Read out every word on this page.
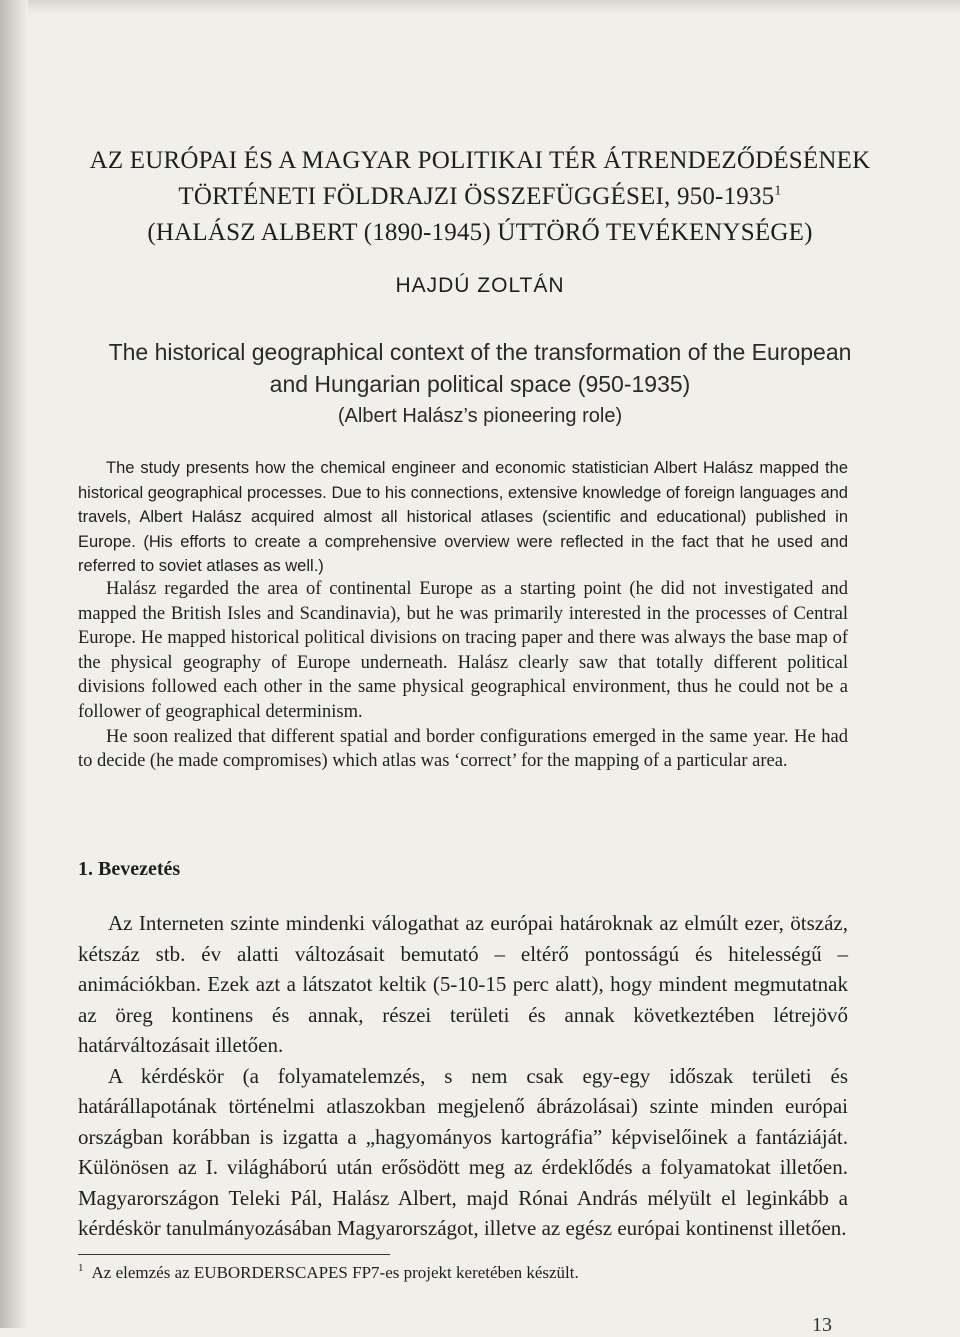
AZ EURÓPAI ÉS A MAGYAR POLITIKAI TÉR ÁTRENDEZŐDÉSÉNEK
TÖRTÉNETI FÖLDRAJZI ÖSSZEFÜGGÉSEI, 950-1935$^1$
(HALÁSZ ALBERT (1890-1945) ÚTTÖRŐ TEVÉKENYSÉGE)
HAJDÚ ZOLTÁN
The historical geographical context of the transformation of the European
and Hungarian political space (950-1935)
(Albert Halász’s pioneering role)

The study presents how the chemical engineer and economic statistician Albert Halász mapped the historical geographical processes. Due to his connections, extensive knowledge of foreign languages and travels, Albert Halász acquired almost all historical atlases (scientific and educational) published in Europe. (His efforts to create a comprehensive overview were reflected in the fact that he used and referred to soviet atlases as well.)

Halász regarded the area of continental Europe as a starting point (he did not investigated and mapped the British Isles and Scandinavia), but he was primarily interested in the processes of Central Europe. He mapped historical political divisions on tracing paper and there was always the base map of the physical geography of Europe underneath. Halász clearly saw that totally different political divisions followed each other in the same physical geographical environment, thus he could not be a follower of geographical determinism.

He soon realized that different spatial and border configurations emerged in the same year. He had to decide (he made compromises) which atlas was ‘correct’ for the mapping of a particular area.

1. Bevezetés

Az Interneten szinte mindenki válogathat az európai határoknak az elmúlt ezer, ötszáz, kétszáz stb. év alatti változásait bemutató – eltérő pontosságú és hitelességű – animációkban. Ezek azt a látszatot keltik (5-10-15 perc alatt), hogy mindent megmutatnak az öreg kontinens és annak, részei területi és annak következtében létrejövő határváltozásait illetően.

A kérdéskör (a folyamatelemzés, s nem csak egy-egy időszak területi és határállapotának történelmi atlaszokban megjelenő ábrázolásai) szinte minden európai országban korábban is izgatta a „hagyományos kartográfia” képviselőinek a fantáziáját. Különösen az I. világháború után erősödött meg az érdeklődés a folyamatokat illetően. Magyarországon Teleki Pál, Halász Albert, majd Rónai András mélyült el leginkább a kérdéskör tanulmányozásában Magyarországot, illetve az egész európai kontinenst illetően.

$^1$ Az elemzés az EUBORDERSCAPES FP7-es projekt keretében készült.
13
